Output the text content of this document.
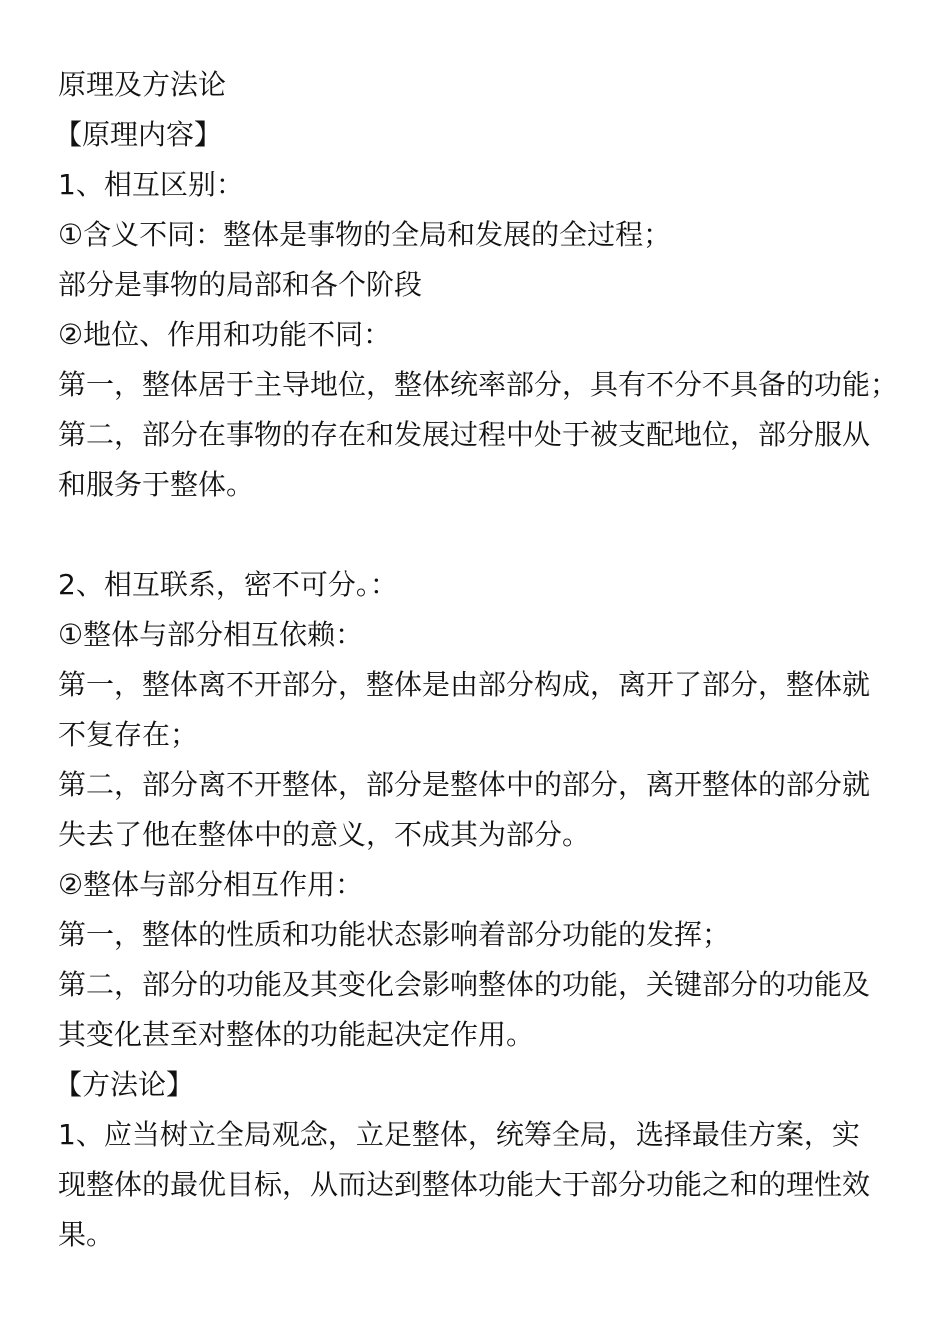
原理及方法论
【原理内容】
1、相互区别：
①含义不同：整体是事物的全局和发展的全过程；
部分是事物的局部和各个阶段
②地位、作用和功能不同：
第一，整体居于主导地位，整体统率部分，具有不分不具备的功能；
第二，部分在事物的存在和发展过程中处于被支配地位，部分服从
和服务于整体。
2、相互联系，密不可分。：
①整体与部分相互依赖：
第一，整体离不开部分，整体是由部分构成，离开了部分，整体就
不复存在；
第二，部分离不开整体，部分是整体中的部分，离开整体的部分就
失去了他在整体中的意义，不成其为部分。
②整体与部分相互作用：
第一，整体的性质和功能状态影响着部分功能的发挥；
第二，部分的功能及其变化会影响整体的功能，关键部分的功能及
其变化甚至对整体的功能起决定作用。
【方法论】
1、应当树立全局观念，立足整体，统筹全局，选择最佳方案，实
现整体的最优目标，从而达到整体功能大于部分功能之和的理性效
果。
